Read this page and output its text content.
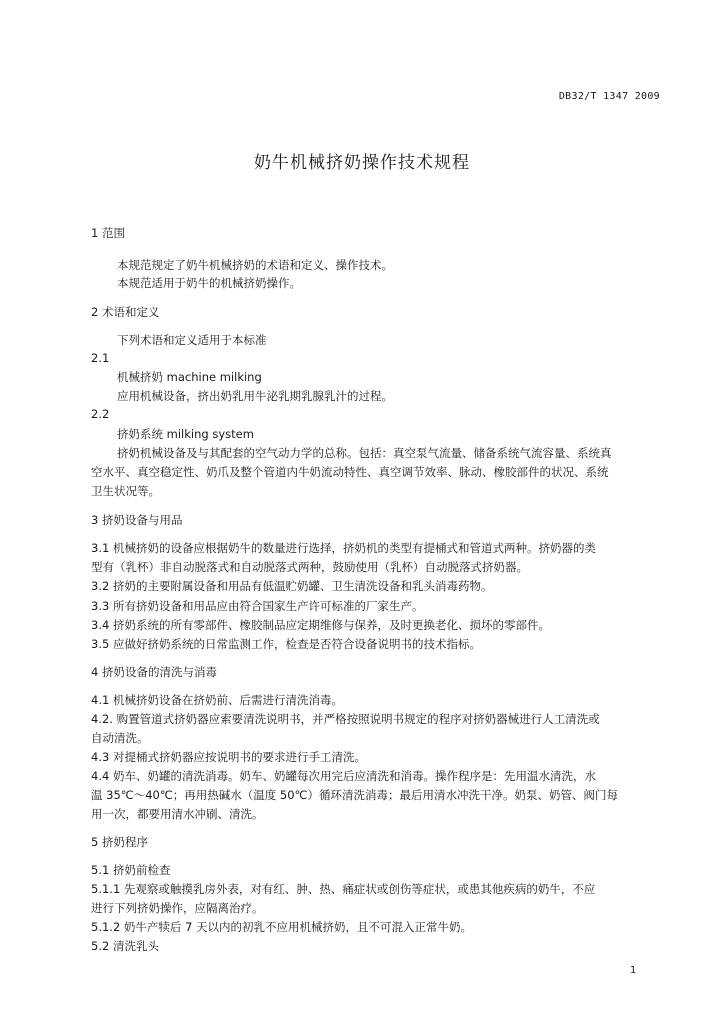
DB32/T 1347 2009
奶牛机械挤奶操作技术规程
1 范围
本规范规定了奶牛机械挤奶的术语和定义、操作技术。
本规范适用于奶牛的机械挤奶操作。
2 术语和定义
下列术语和定义适用于本标准
2.1
机械挤奶 machine milking
应用机械设备，挤出奶乳用牛泌乳期乳腺乳汁的过程。
2.2
挤奶系统 milking system
挤奶机械设备及与其配套的空气动力学的总称。包括：真空泵气流量、储备系统气流容量、系统真
空水平、真空稳定性、奶爪及整个管道内牛奶流动特性、真空调节效率、脉动、橡胶部件的状况、系统
卫生状况等。
3 挤奶设备与用品
3.1 机械挤奶的设备应根据奶牛的数量进行选择，挤奶机的类型有提桶式和管道式两种。挤奶器的类
型有（乳杯）非自动脱落式和自动脱落式两种，鼓励使用（乳杯）自动脱落式挤奶器。
3.2 挤奶的主要附属设备和用品有低温贮奶罐、卫生清洗设备和乳头消毒药物。
3.3 所有挤奶设备和用品应由符合国家生产许可标准的厂家生产。
3.4 挤奶系统的所有零部件、橡胶制品应定期维修与保养，及时更换老化、损坏的零部件。
3.5 应做好挤奶系统的日常监测工作，检查是否符合设备说明书的技术指标。
4 挤奶设备的清洗与消毒
4.1 机械挤奶设备在挤奶前、后需进行清洗消毒。
4.2. 购置管道式挤奶器应索要清洗说明书，并严格按照说明书规定的程序对挤奶器械进行人工清洗或
自动清洗。
4.3 对提桶式挤奶器应按说明书的要求进行手工清洗。
4.4 奶车、奶罐的清洗消毒。奶车、奶罐每次用完后应清洗和消毒。操作程序是：先用温水清洗，水
温 35℃～40℃；再用热碱水（温度 50℃）循环清洗消毒；最后用清水冲洗干净。奶泵、奶管、阀门每
用一次，都要用清水冲刷、清洗。
5 挤奶程序
5.1 挤奶前检查
5.1.1 先观察或触摸乳房外表，对有红、肿、热、痛症状或创伤等症状，或患其他疾病的奶牛，不应
进行下列挤奶操作，应隔离治疗。
5.1.2 奶牛产犊后 7 天以内的初乳不应用机械挤奶，且不可混入正常牛奶。
5.2 清洗乳头
1
